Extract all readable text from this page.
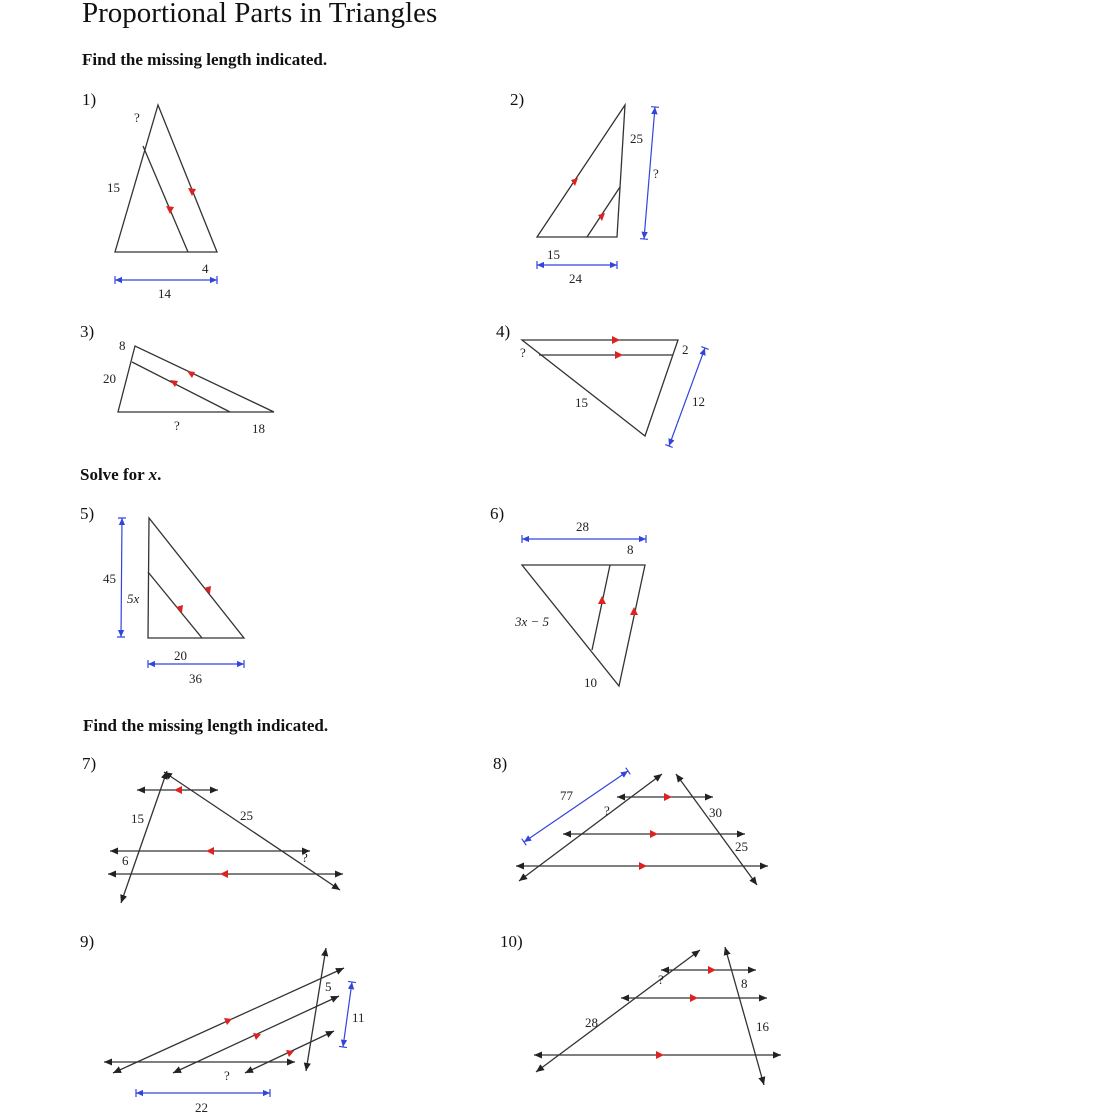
Proportional Parts in Triangles
Find the missing length indicated.
Solve for x.
Find the missing length indicated.
1)	2)
3)	4)
5)	6)
7)	8)
9)	10)
?
15
4
14
25
?
15
24
8
20
?	18
?	2
15	12
45
5x
20
36
28
8
3x − 5
10
15	25
6	?
77
?	30
25
5
11
?
22
?	8
28	16
